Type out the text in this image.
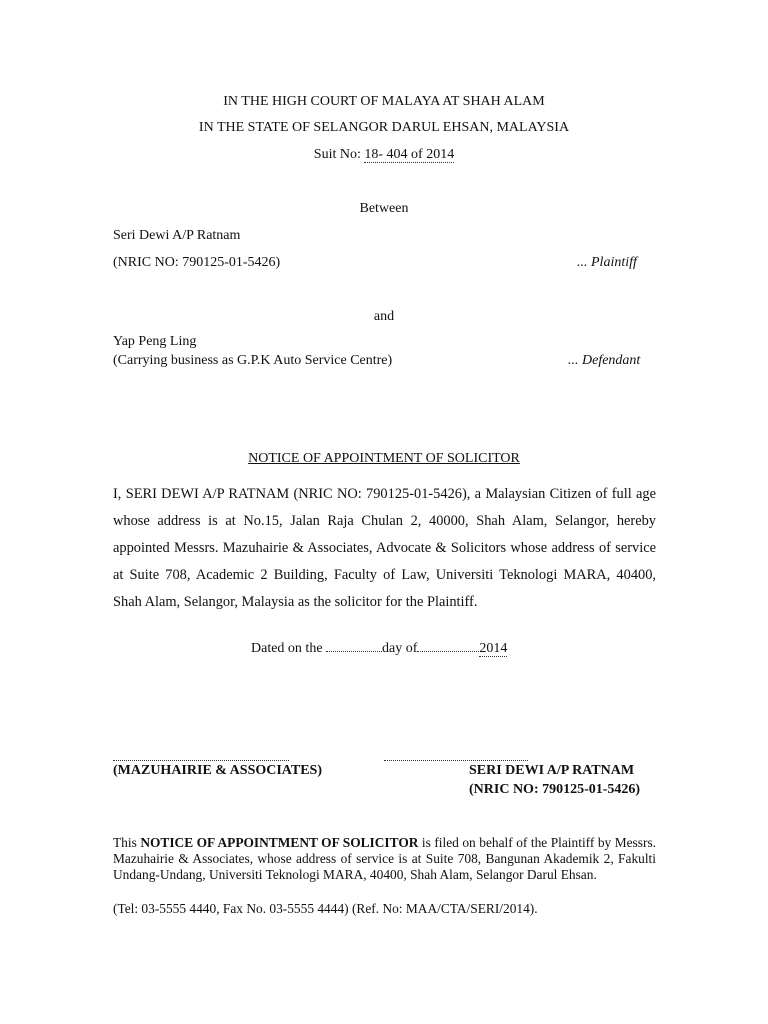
IN THE HIGH COURT OF MALAYA AT SHAH ALAM
IN THE STATE OF SELANGOR DARUL EHSAN, MALAYSIA
Suit No: 18- 404 of 2014
Between
Seri Dewi A/P Ratnam
(NRIC NO: 790125-01-5426)	... Plaintiff
and
Yap Peng Ling
(Carrying business as G.P.K Auto Service Centre)	... Defendant
NOTICE OF APPOINTMENT OF SOLICITOR
I, SERI DEWI A/P RATNAM (NRIC NO: 790125-01-5426), a Malaysian Citizen of full age whose address is at No.15, Jalan Raja Chulan 2, 40000, Shah Alam, Selangor, hereby appointed Messrs. Mazuhairie & Associates, Advocate & Solicitors whose address of service at Suite 708, Academic 2 Building, Faculty of Law, Universiti Teknologi MARA, 40400, Shah Alam, Selangor, Malaysia as the solicitor for the Plaintiff.
Dated on the	day of	2014
(MAZUHAIRIE & ASSOCIATES)	SERI DEWI A/P RATNAM
(NRIC NO: 790125-01-5426)
This NOTICE OF APPOINTMENT OF SOLICITOR is filed on behalf of the Plaintiff by Messrs. Mazuhairie & Associates, whose address of service is at Suite 708, Bangunan Akademik 2, Fakulti Undang-Undang, Universiti Teknologi MARA, 40400, Shah Alam, Selangor Darul Ehsan.
(Tel: 03-5555 4440, Fax No. 03-5555 4444) (Ref. No: MAA/CTA/SERI/2014).
